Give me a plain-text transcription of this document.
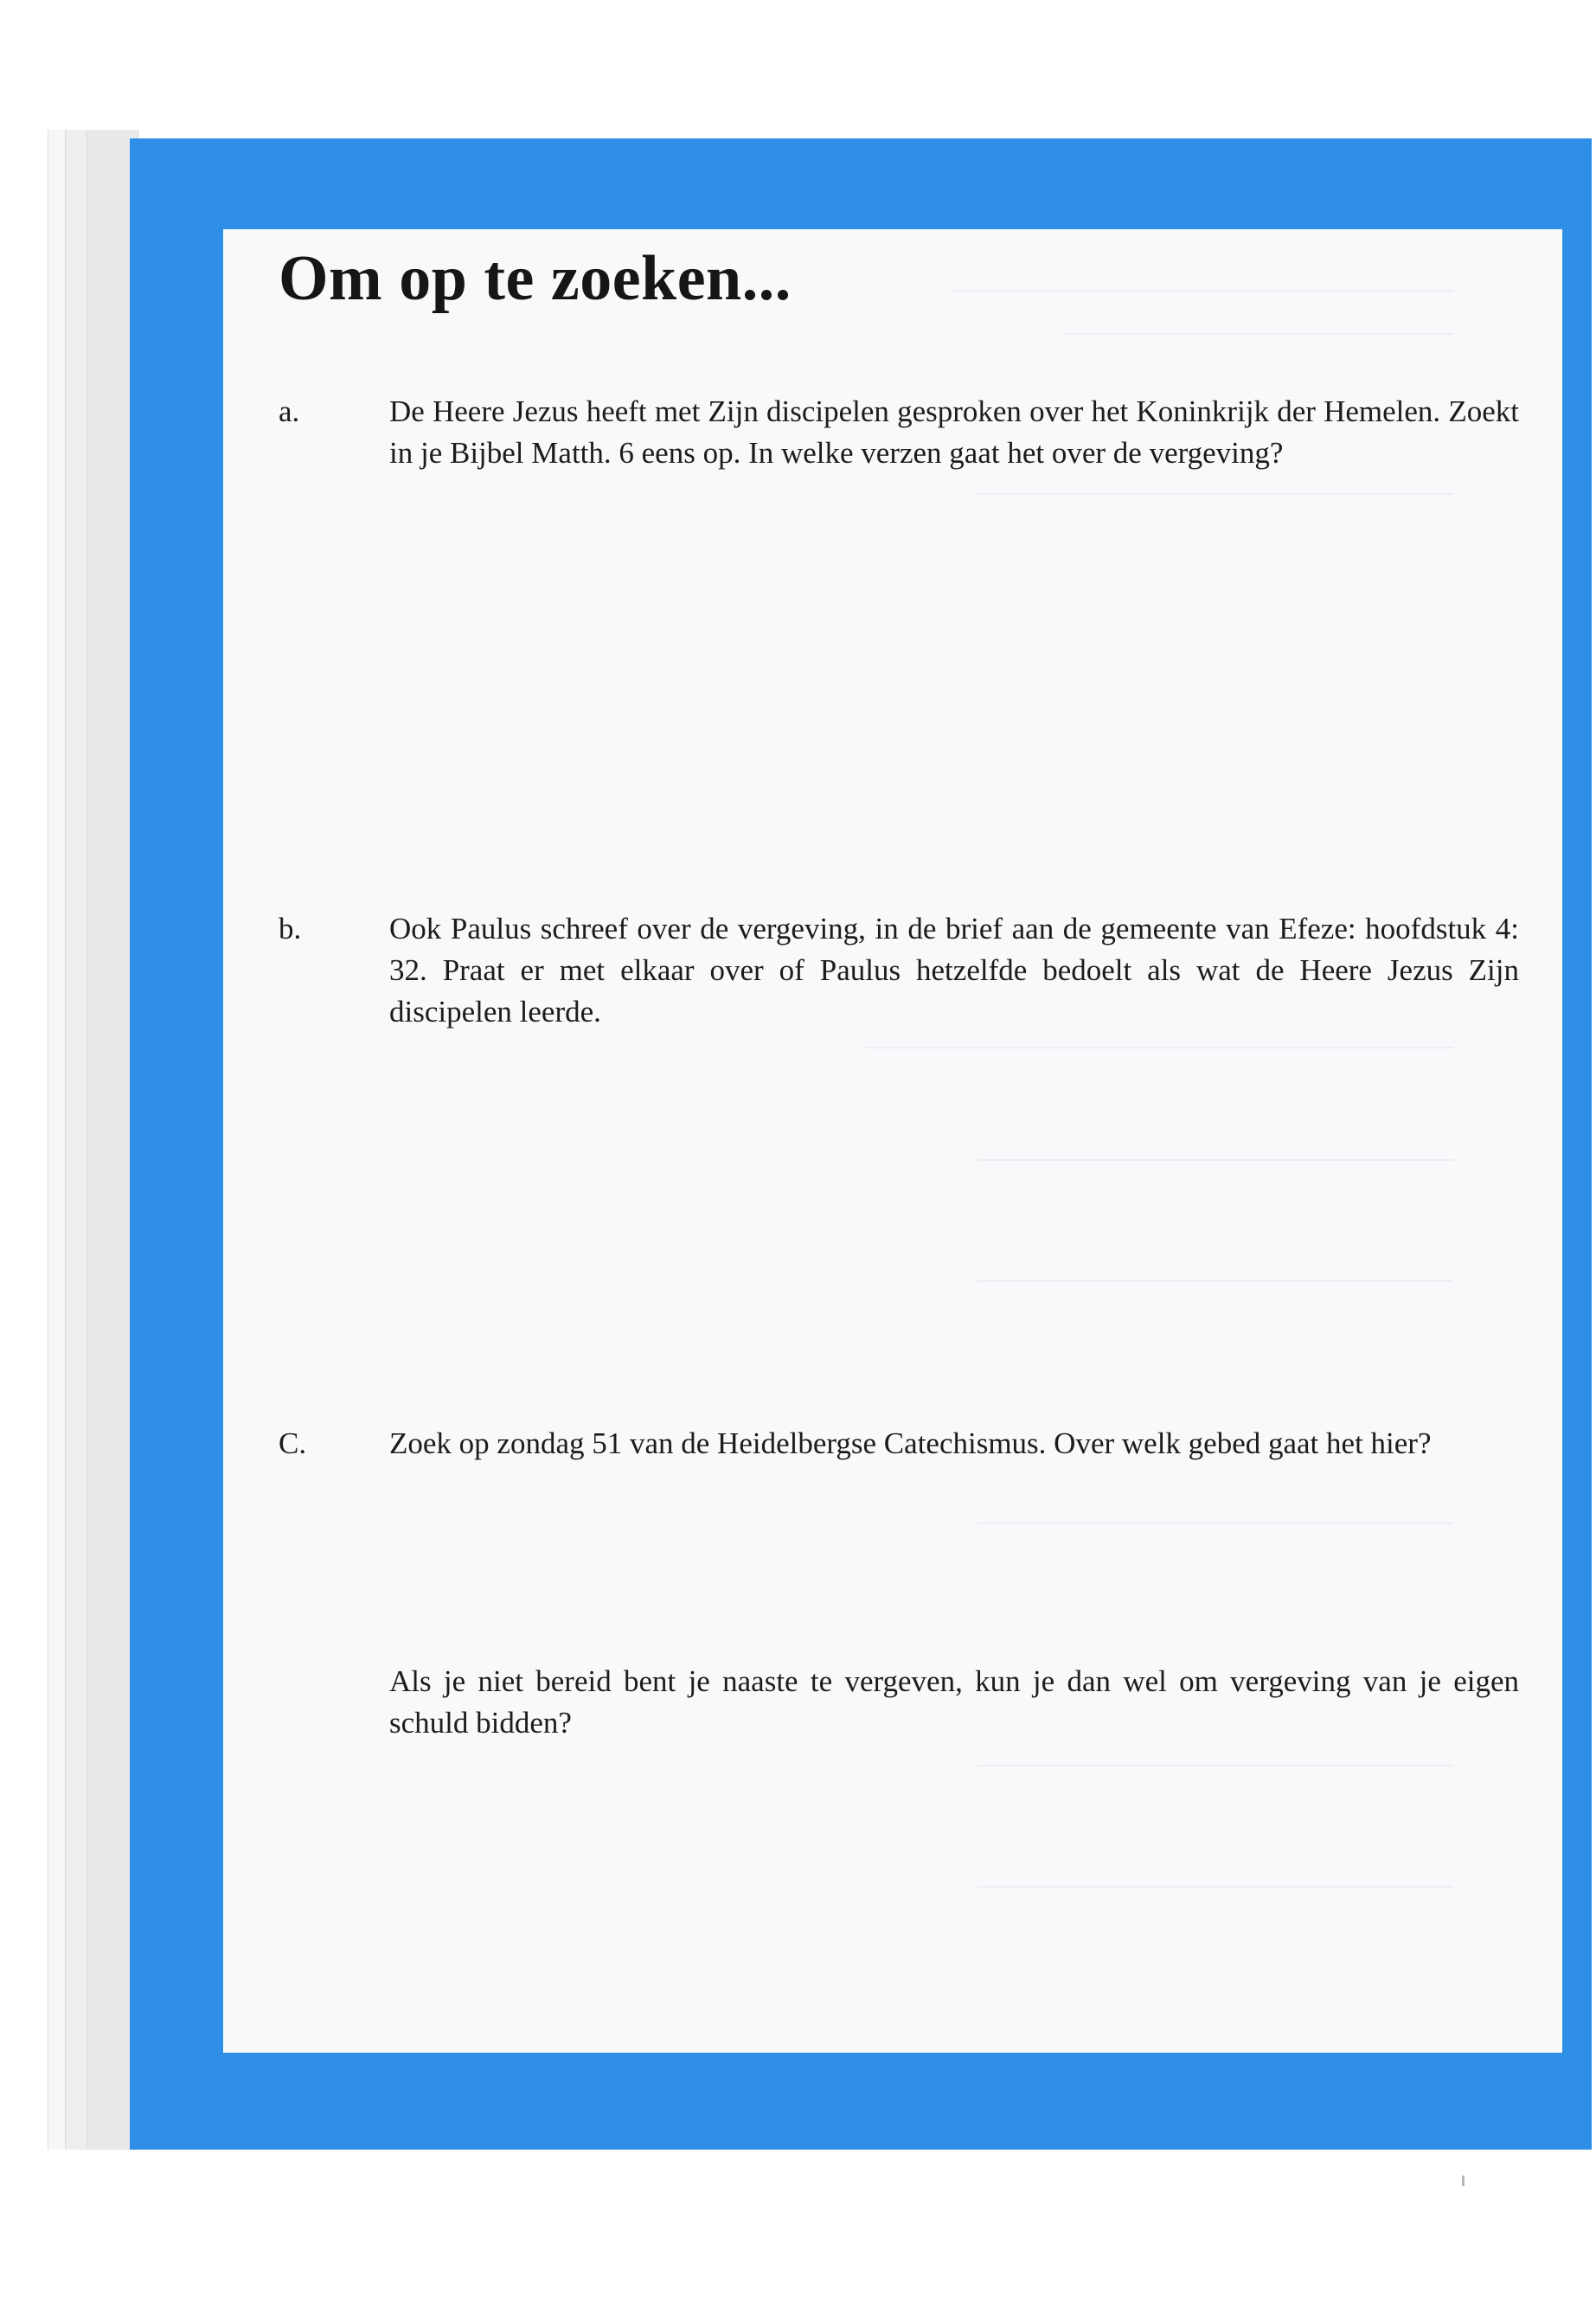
Om op te zoeken...
a.	De Heere Jezus heeft met Zijn discipelen gesproken over het Koninkrijk der Hemelen. Zoekt in je Bijbel Matth. 6 eens op. In welke verzen gaat het over de vergeving?
b.	Ook Paulus schreef over de vergeving, in de brief aan de gemeente van Efeze: hoofdstuk 4: 32. Praat er met elkaar over of Paulus hetzelfde bedoelt als wat de Heere Jezus Zijn discipelen leerde.
C.	Zoek op zondag 51 van de Heidelbergse Catechismus. Over welk gebed gaat het hier?
Als je niet bereid bent je naaste te vergeven, kun je dan wel om vergeving van je eigen schuld bidden?
